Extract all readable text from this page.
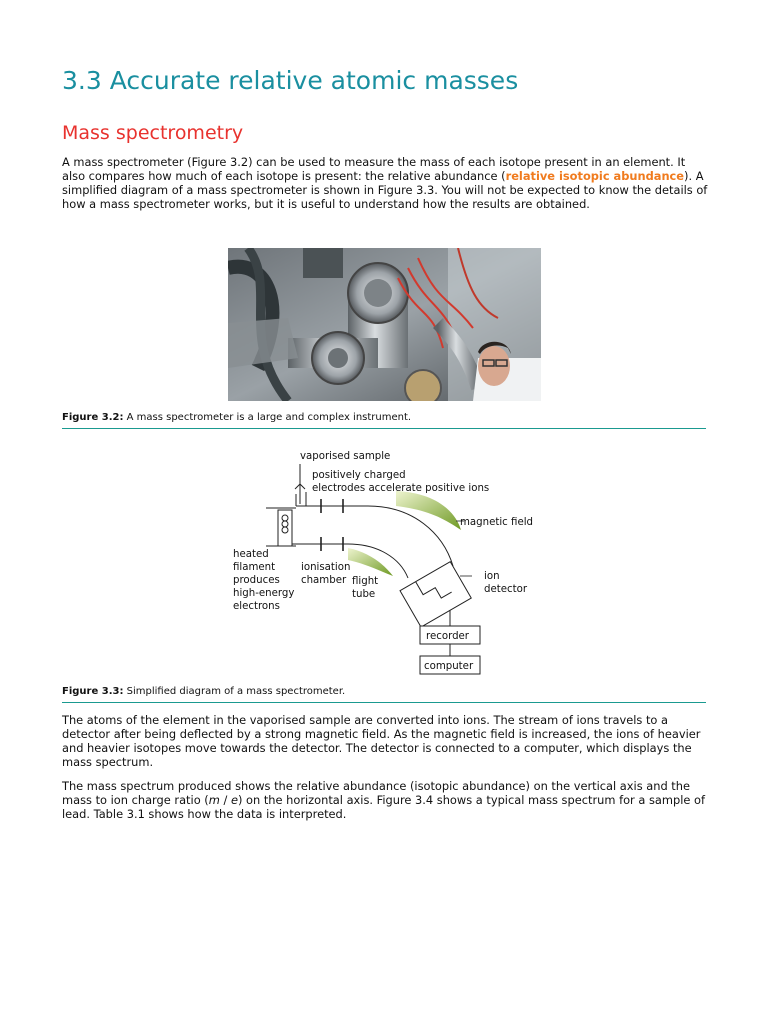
3.3 Accurate relative atomic masses
Mass spectrometry

A mass spectrometer (Figure 3.2) can be used to measure the mass of each isotope present in an element. It also compares how much of each isotope is present: the relative abundance (relative isotopic abundance). A simplified diagram of a mass spectrometer is shown in Figure 3.3. You will not be expected to know the details of how a mass spectrometer works, but it is useful to understand how the results are obtained.

Figure 3.2: A mass spectrometer is a large and complex instrument.

vaporised sample
positively charged
electrodes accelerate positive ions
magnetic field
heated
filament
produces
high-energy
electrons
ionisation
chamber flight
tube
ion
detector
recorder
computer

Figure 3.3: Simplified diagram of a mass spectrometer.

The atoms of the element in the vaporised sample are converted into ions. The stream of ions travels to a detector after being deflected by a strong magnetic field. As the magnetic field is increased, the ions of heavier and heavier isotopes move towards the detector. The detector is connected to a computer, which displays the mass spectrum.

The mass spectrum produced shows the relative abundance (isotopic abundance) on the vertical axis and the mass to ion charge ratio (m / e) on the horizontal axis. Figure 3.4 shows a typical mass spectrum for a sample of lead. Table 3.1 shows how the data is interpreted.
